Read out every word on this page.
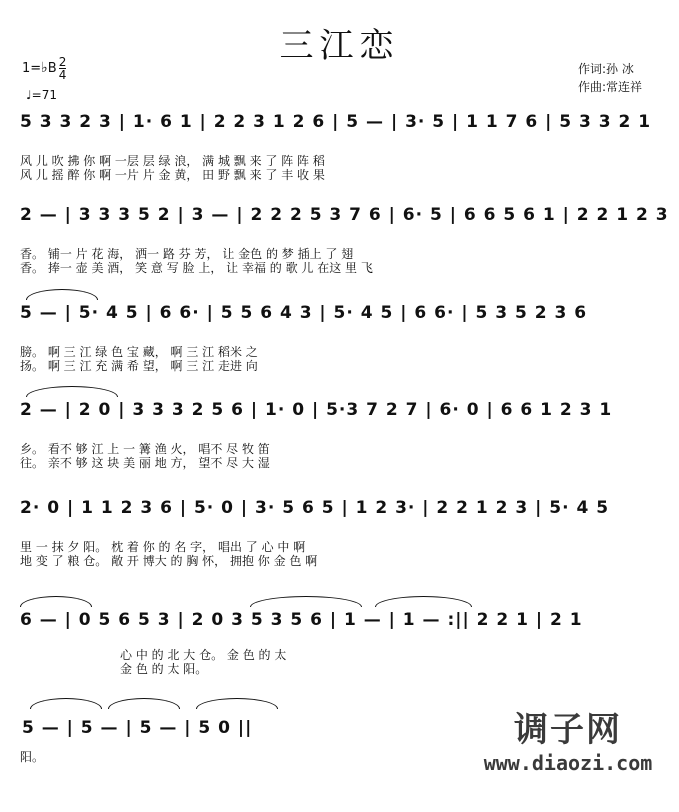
三江恋
1=♭B $\frac{2}{4}$
♩=71
作词:孙 冰
作曲:常连祥
5 3 3 2 3 | 1· 6 1 | 2 2 3 1 2 6 | 5 — | 3· 5 | 1 1 7 6 | 5 3 3 2 1
风 儿 吹 拂 你 啊 一层 层 绿 浪， 满 城 飘 来 了 阵 阵 稻
风 儿 摇 醉 你 啊 一片 片 金 黄， 田 野 飘 来 了 丰 收 果
2 — | 3 3 3 5 2 | 3 — | 2 2 2 5 3 7 6 | 6· 5 | 6 6 5 6 1 | 2 2 1 2 3
香。 铺一 片 花 海， 洒一 路 芬 芳， 让 金色 的 梦 插上 了 翅
香。 捧一 壶 美 酒， 笑 意 写 脸 上， 让 幸福 的 歌 儿 在这 里 飞
5 — | 5· 4 5 | 6 6· | 5 5 6 4 3 | 5· 4 5 | 6 6· | 5 3 5 2 3 6
膀。 啊 三 江 绿 色 宝 藏， 啊 三 江 稻米 之
扬。 啊 三 江 充 满 希 望， 啊 三 江 走进 向
2 — | 2 0 | 3 3 3 2 5 6 | 1· 0 | 5·3 7 2 7 | 6· 0 | 6 6 1 2 3 1
乡。 看不 够 江 上 一 篝 渔 火， 唱不 尽 牧 笛
往。 亲不 够 这 块 美 丽 地 方， 望不 尽 大 湿
2· 0 | 1 1 2 3 6 | 5· 0 | 3· 5 6 5 | 1 2 3· | 2 2 1 2 3 | 5· 4 5
里 一 抹 夕 阳。 枕 着 你 的 名 字， 唱出 了 心 中 啊
地 变 了 粮 仓。 敞 开 博大 的 胸 怀， 拥抱 你 金 色 啊
6 — | 0 5 6 5 3 | 2 0 3 5 3 5 6 | 1 — | 1 — :|| 2 2 1 | 2 1
心 中 的 北 大 仓。 金 色 的 太
金 色 的 太 阳。
5 — | 5 — | 5 — | 5 0 ||
阳。
调子网
www.diaozi.com
